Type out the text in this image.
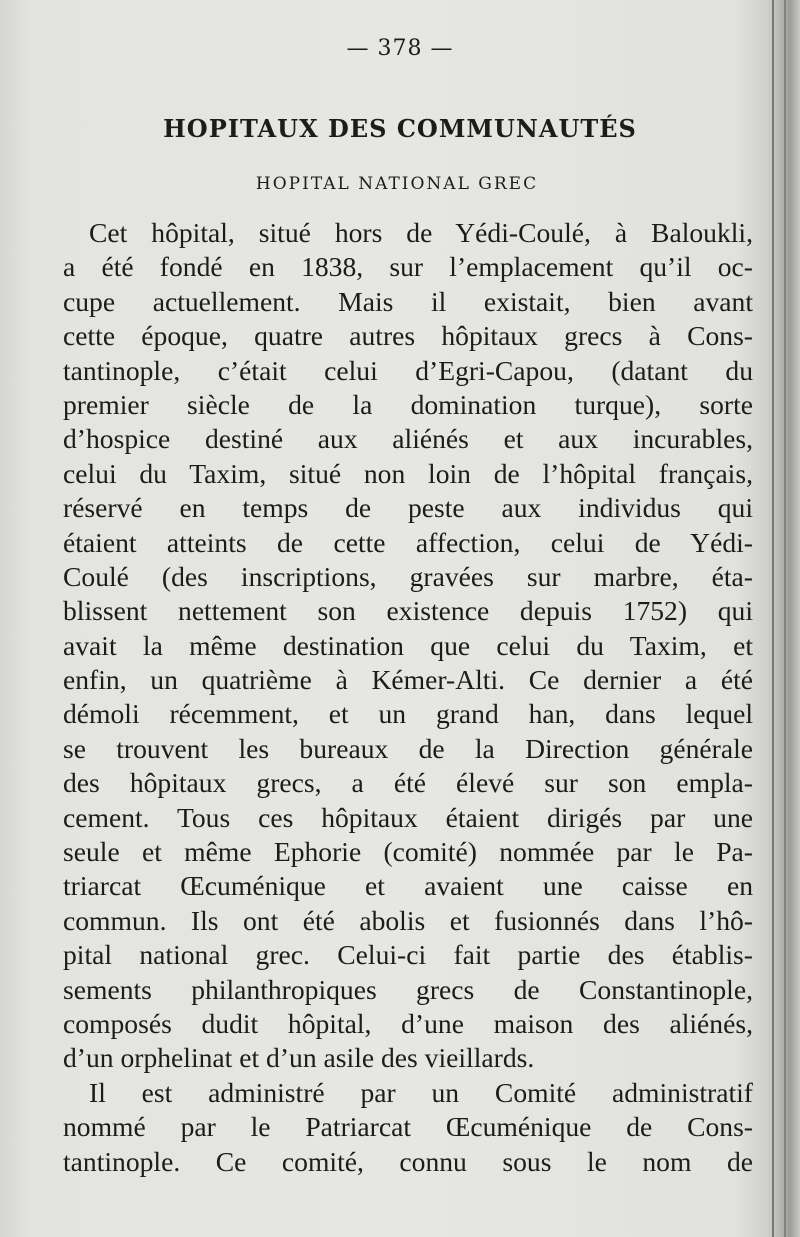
— 378 —
HOPITAUX DES COMMUNAUTÉS
HOPITAL NATIONAL GREC
Cet hôpital, situé hors de Yédi-Coulé, à Baloukli,
a été fondé en 1838, sur l’emplacement qu’il oc-
cupe actuellement. Mais il existait, bien avant
cette époque, quatre autres hôpitaux grecs à Cons-
tantinople, c’était celui d’Egri-Capou, (datant du
premier siècle de la domination turque), sorte
d’hospice destiné aux aliénés et aux incurables,
celui du Taxim, situé non loin de l’hôpital français,
réservé en temps de peste aux individus qui
étaient atteints de cette affection, celui de Yédi-
Coulé (des inscriptions, gravées sur marbre, éta-
blissent nettement son existence depuis 1752) qui
avait la même destination que celui du Taxim, et
enfin, un quatrième à Kémer-Alti. Ce dernier a été
démoli récemment, et un grand han, dans lequel
se trouvent les bureaux de la Direction générale
des hôpitaux grecs, a été élevé sur son empla-
cement. Tous ces hôpitaux étaient dirigés par une
seule et même Ephorie (comité) nommée par le Pa-
triarcat Œcuménique et avaient une caisse en
commun. Ils ont été abolis et fusionnés dans l’hô-
pital national grec. Celui-ci fait partie des établis-
sements philanthropiques grecs de Constantinople,
composés dudit hôpital, d’une maison des aliénés,
d’un orphelinat et d’un asile des vieillards.
Il est administré par un Comité administratif
nommé par le Patriarcat Œcuménique de Cons-
tantinople. Ce comité, connu sous le nom de
